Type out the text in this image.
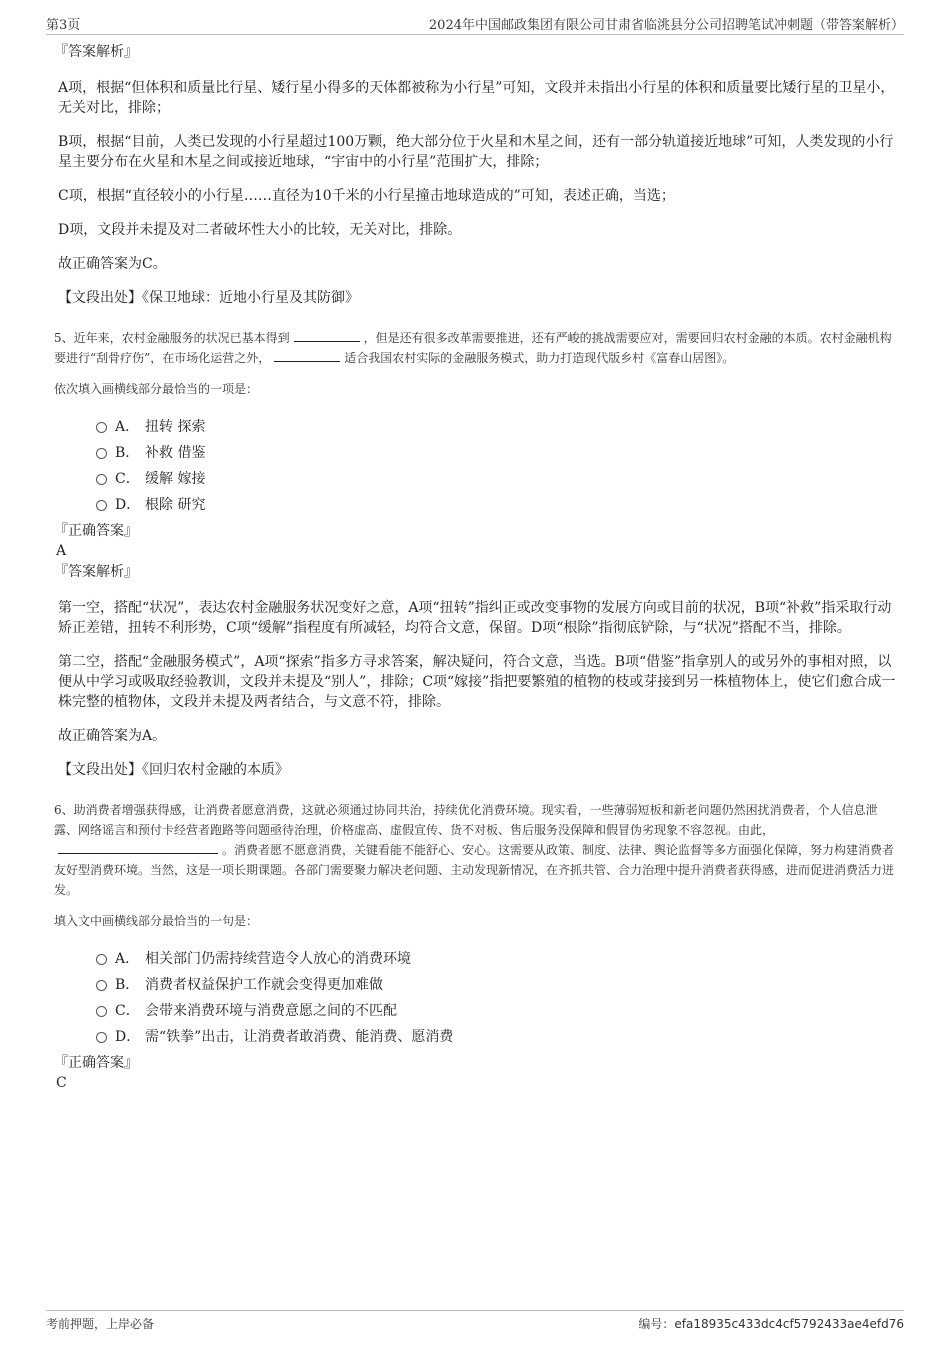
第3页	2024年中国邮政集团有限公司甘肃省临洮县分公司招聘笔试冲刺题（带答案解析）

『答案解析』

A项，根据“但体积和质量比行星、矮行星小得多的天体都被称为小行星”可知，文段并未指出小行星的体积和质量要比矮行星的卫星小，无关对比，排除；

B项，根据“目前，人类已发现的小行星超过100万颗，绝大部分位于火星和木星之间，还有一部分轨道接近地球”可知，人类发现的小行星主要分布在火星和木星之间或接近地球，“宇宙中的小行星”范围扩大，排除；

C项，根据“直径较小的小行星……直径为10千米的小行星撞击地球造成的”可知，表述正确，当选；

D项，文段并未提及对二者破坏性大小的比较，无关对比，排除。

故正确答案为C。

【文段出处】《保卫地球：近地小行星及其防御》

5、近年来，农村金融服务的状况已基本得到	，但是还有很多改革需要推进，还有严峻的挑战需要应对，需要回归农村金融的本质。农村金融机构要进行“刮骨疗伤”，在市场化运营之外，	适合我国农村实际的金融服务模式，助力打造现代版乡村《富春山居图》。

依次填入画横线部分最恰当的一项是：

A． 扭转 探索
B． 补救 借鉴
C． 缓解 嫁接
D． 根除 研究

『正确答案』

A

『答案解析』

第一空，搭配“状况”，表达农村金融服务状况变好之意，A项“扭转”指纠正或改变事物的发展方向或目前的状况，B项“补救”指采取行动矫正差错，扭转不利形势，C项“缓解”指程度有所减轻，均符合文意，保留。D项“根除”指彻底铲除，与“状况”搭配不当，排除。

第二空，搭配“金融服务模式”，A项“探索”指多方寻求答案，解决疑问，符合文意，当选。B项“借鉴”指拿别人的或另外的事相对照，以便从中学习或吸取经验教训，文段并未提及“别人”，排除；C项“嫁接”指把要繁殖的植物的枝或芽接到另一株植物体上，使它们愈合成一株完整的植物体，文段并未提及两者结合，与文意不符，排除。

故正确答案为A。

【文段出处】《回归农村金融的本质》

6、助消费者增强获得感，让消费者愿意消费，这就必须通过协同共治，持续优化消费环境。现实看，一些薄弱短板和新老问题仍然困扰消费者，个人信息泄露、网络谣言和预付卡经营者跑路等问题亟待治理，价格虚高、虚假宣传、货不对板、售后服务没保障和假冒伪劣现象不容忽视。由此，。消费者愿不愿意消费，关键看能不能舒心、安心。这需要从政策、制度、法律、舆论监督等多方面强化保障，努力构建消费者友好型消费环境。当然，这是一项长期课题。各部门需要聚力解决老问题、主动发现新情况，在齐抓共管、合力治理中提升消费者获得感，进而促进消费活力迸发。

填入文中画横线部分最恰当的一句是：

A． 相关部门仍需持续营造令人放心的消费环境
B． 消费者权益保护工作就会变得更加难做
C． 会带来消费环境与消费意愿之间的不匹配
D． 需“铁拳”出击，让消费者敢消费、能消费、愿消费

『正确答案』

C

考前押题，上岸必备	编号：efa18935c433dc4cf5792433ae4efd76
